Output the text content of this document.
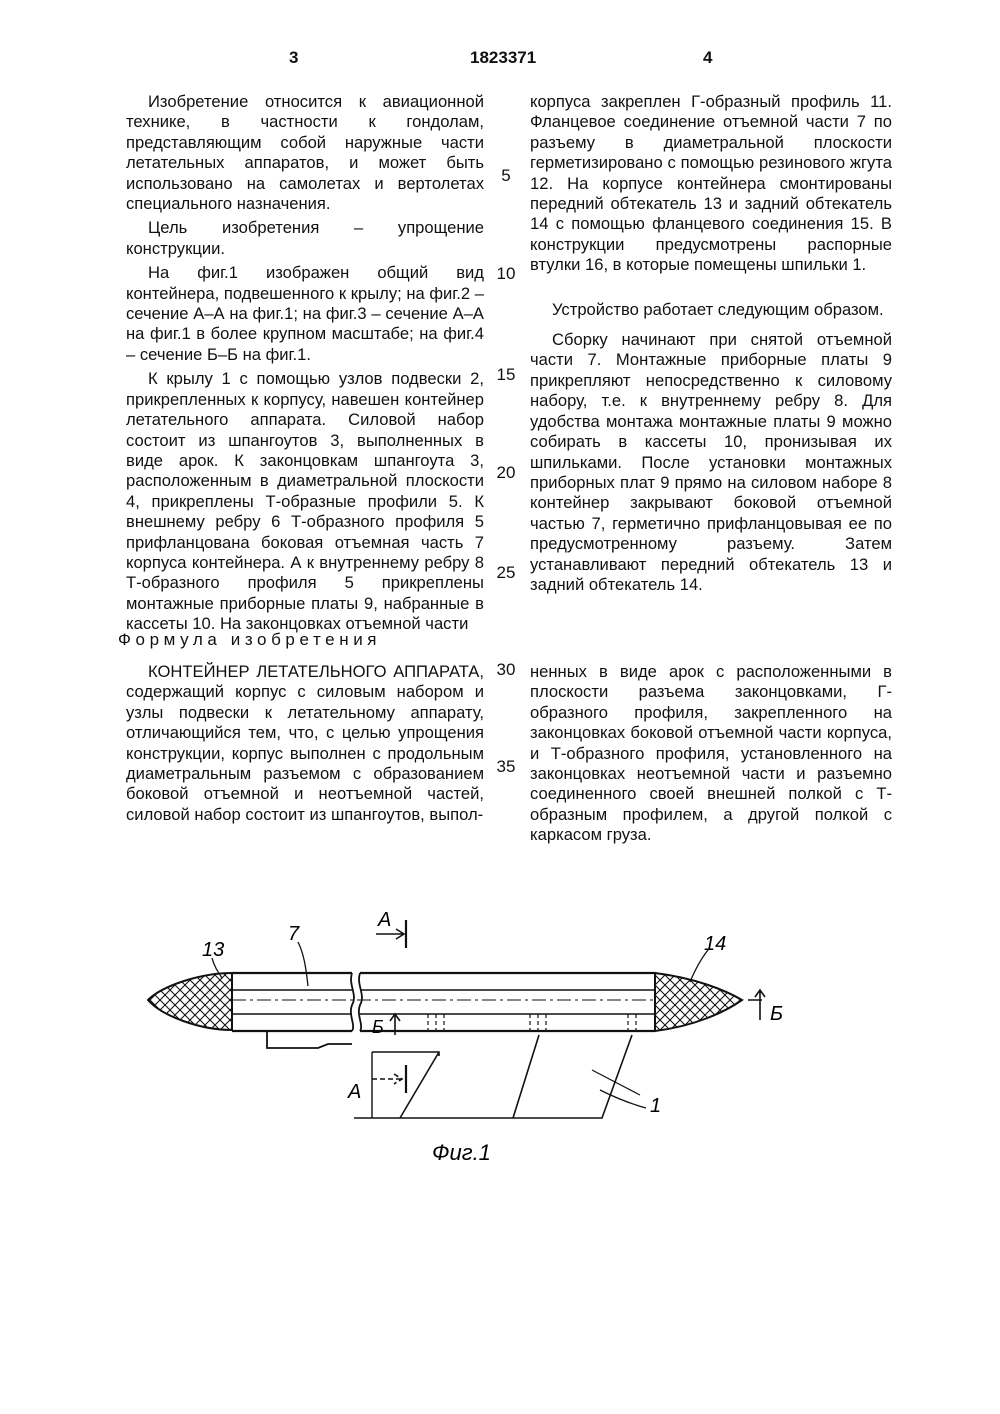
3	1823371	4

Изобретение относится к авиационной технике, в частности к гондолам, представляющим собой наружные части летательных аппаратов, и может быть использовано на самолетах и вертолетах специального назначения.

Цель изобретения – упрощение конструкции.

На фиг.1 изображен общий вид контейнера, подвешенного к крылу; на фиг.2 – сечение А–А на фиг.1; на фиг.3 – сечение А–А на фиг.1 в более крупном масштабе; на фиг.4 – сечение Б–Б на фиг.1.

К крылу 1 с помощью узлов подвески 2, прикрепленных к корпусу, навешен контейнер летательного аппарата. Силовой набор состоит из шпангоутов 3, выполненных в виде арок. К законцовкам шпангоута 3, расположенным в диаметральной плоскости 4, прикреплены Т-образные профили 5. К внешнему ребру 6 Т-образного профиля 5 прифланцована боковая отъемная часть 7 корпуса контейнера. А к внутреннему ребру 8 Т-образного профиля 5 прикреплены монтажные приборные платы 9, набранные в кассеты 10. На законцовках отъемной части

корпуса закреплен Г-образный профиль 11. Фланцевое соединение отъемной части 7 по разъему в диаметральной плоскости герметизировано с помощью резинового жгута 12. На корпусе контейнера смонтированы передний обтекатель 13 и задний обтекатель 14 с помощью фланцевого соединения 15. В конструкции предусмотрены распорные втулки 16, в которые помещены шпильки 1.

Устройство работает следующим образом.

Сборку начинают при снятой отъемной части 7. Монтажные приборные платы 9 прикрепляют непосредственно к силовому набору, т.е. к внутреннему ребру 8. Для удобства монтажа монтажные платы 9 можно собирать в кассеты 10, пронизывая их шпильками. После установки монтажных приборных плат 9 прямо на силовом наборе 8 контейнер закрывают боковой отъемной частью 7, герметично прифланцовывая ее по предусмотренному разъему. Затем устанавливают передний обтекатель 13 и задний обтекатель 14.

5
10
15
20
25
30
35
Формула изобретения

КОНТЕЙНЕР ЛЕТАТЕЛЬНОГО АППАРАТА, содержащий корпус с силовым набором и узлы подвески к летательному аппарату, отличающийся тем, что, с целью упрощения конструкции, корпус выполнен с продольным диаметральным разъемом с образованием боковой отъемной и неотъемной частей, силовой набор состоит из шпангоутов, выпол-

ненных в виде арок с расположенными в плоскости разъема законцовками, Г-образного профиля, закрепленного на законцовках боковой отъемной части корпуса, и Т-образного профиля, установленного на законцовках неотъемной части и разъемно соединенного своей внешней полкой с Т-образным профилем, а другой полкой с каркасом груза.

13
7	14
1
А
А
Б
Б
Фиг.1
